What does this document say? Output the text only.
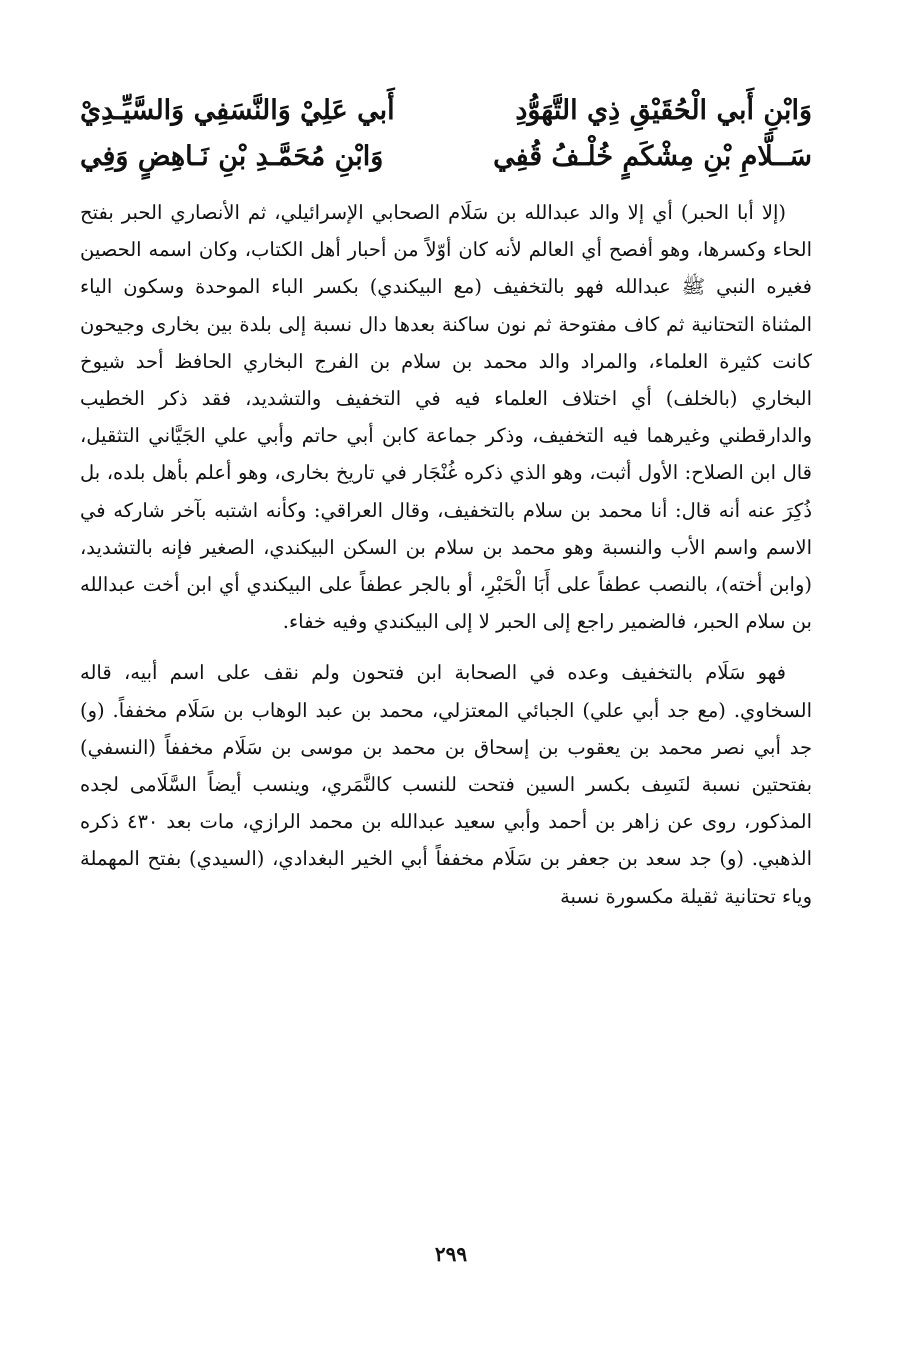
وَابْنِ أَبي الْحُقَيْقِ ذِي التَّهَوُّدِ
أَبي عَلِيْ وَالنَّسَفِي وَالسَّيِّـدِيْ
سَــلَّامِ بْنِ مِشْكَمٍ خُلْـفُ قُفِي
وَابْنِ مُحَمَّـدِ بْنِ نَـاهِضٍ وَفِي

(إلا أبا الحبر) أي إلا والد عبدالله بن سَلَام الصحابي الإسرائيلي، ثم الأنصاري الحبر بفتح الحاء وكسرها، وهو أفصح أي العالم لأنه كان أوّلاً من أحبار أهل الكتاب، وكان اسمه الحصين فغيره النبي ﷺ عبدالله فهو بالتخفيف (مع البيكندي) بكسر الباء الموحدة وسكون الياء المثناة التحتانية ثم كاف مفتوحة ثم نون ساكنة بعدها دال نسبة إلى بلدة بين بخارى وجيحون كانت كثيرة العلماء، والمراد والد محمد بن سلام بن الفرج البخاري الحافظ أحد شيوخ البخاري (بالخلف) أي اختلاف العلماء فيه في التخفيف والتشديد، فقد ذكر الخطيب والدارقطني وغيرهما فيه التخفيف، وذكر جماعة كابن أبي حاتم وأبي علي الجَيَّاني التثقيل، قال ابن الصلاح: الأول أثبت، وهو الذي ذكره غُنْجَار في تاريخ بخارى، وهو أعلم بأهل بلده، بل ذُكِرَ عنه أنه قال: أنا محمد بن سلام بالتخفيف، وقال العراقي: وكأنه اشتبه بآخر شاركه في الاسم واسم الأب والنسبة وهو محمد بن سلام بن السكن البيكندي، الصغير فإنه بالتشديد، (وابن أخته)، بالنصب عطفاً على أَبَا الْحَبْرِ، أو بالجر عطفاً على البيكندي أي ابن أخت عبدالله بن سلام الحبر، فالضمير راجع إلى الحبر لا إلى البيكندي وفيه خفاء.

فهو سَلَام بالتخفيف وعده في الصحابة ابن فتحون ولم نقف على اسم أبيه، قاله السخاوي. (مع جد أبي علي) الجبائي المعتزلي، محمد بن عبد الوهاب بن سَلَام مخففاً. (و) جد أبي نصر محمد بن يعقوب بن إسحاق بن محمد بن موسى بن سَلَام مخففاً (النسفي) بفتحتين نسبة لنَسِف بكسر السين فتحت للنسب كالنَّمَري، وينسب أيضاً السَّلَامى لجده المذكور، روى عن زاهر بن أحمد وأبي سعيد عبدالله بن محمد الرازي، مات بعد ٤٣٠ ذكره الذهبي. (و) جد سعد بن جعفر بن سَلَام مخففاً أبي الخير البغدادي، (السيدي) بفتح المهملة وياء تحتانية ثقيلة مكسورة نسبة

٢٩٩
